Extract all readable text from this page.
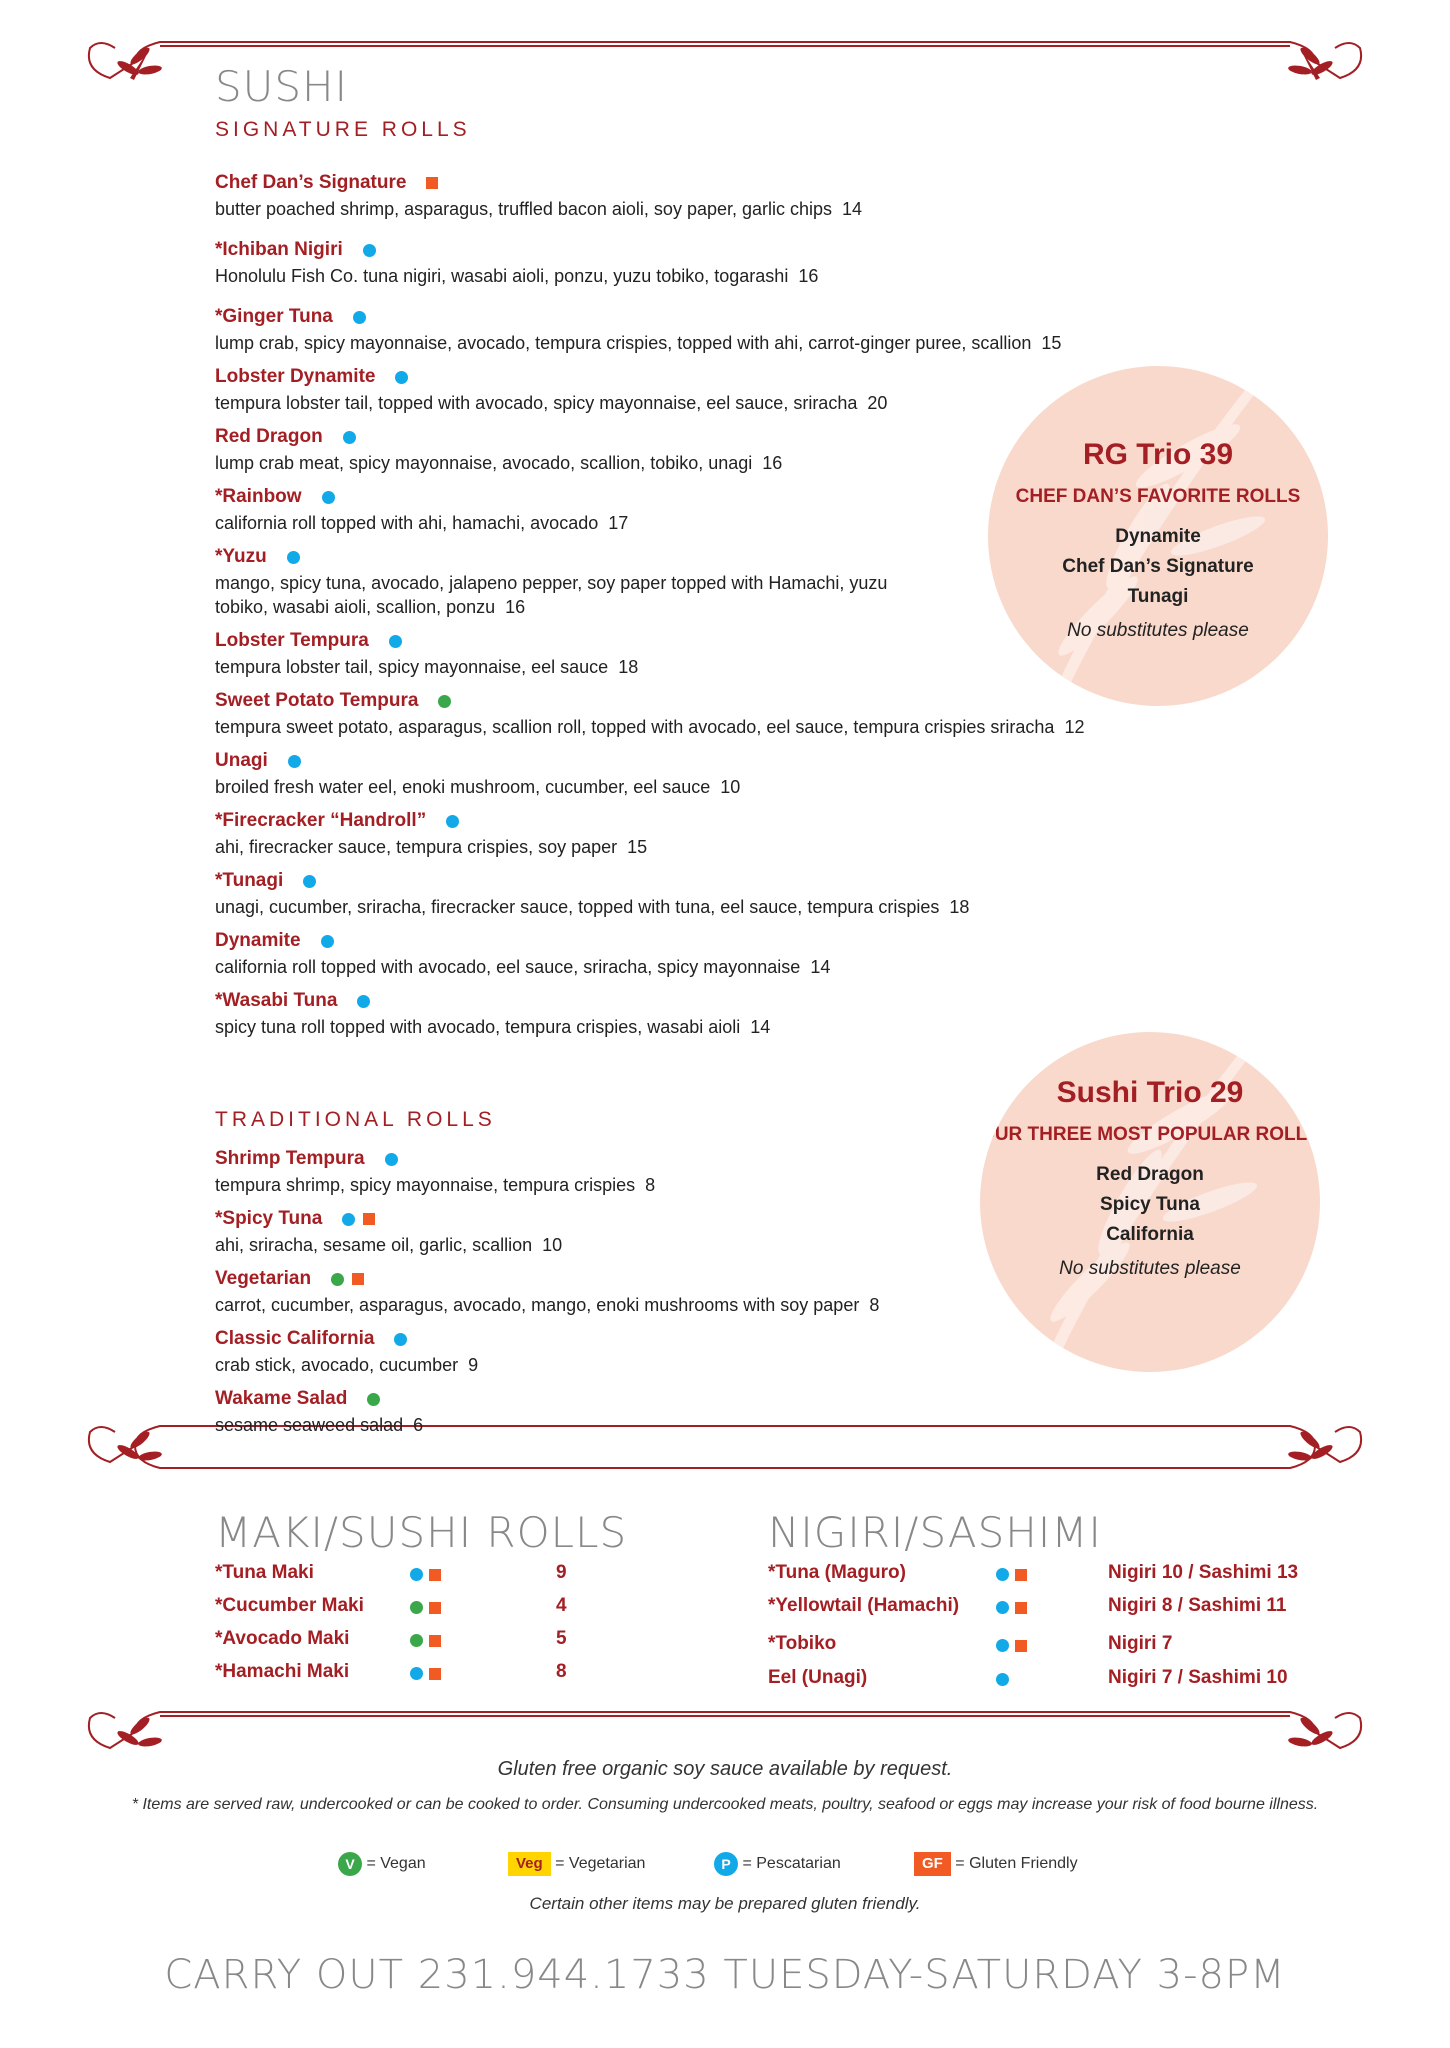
SUSHI
SIGNATURE ROLLS
Chef Dan’s Signature
butter poached shrimp, asparagus, truffled bacon aioli, soy paper, garlic chips 14
*Ichiban Nigiri
Honolulu Fish Co. tuna nigiri, wasabi aioli, ponzu, yuzu tobiko, togarashi 16
*Ginger Tuna
lump crab, spicy mayonnaise, avocado, tempura crispies, topped with ahi, carrot-ginger puree, scallion 15
Lobster Dynamite
tempura lobster tail, topped with avocado, spicy mayonnaise, eel sauce, sriracha 20
Red Dragon
lump crab meat, spicy mayonnaise, avocado, scallion, tobiko, unagi 16
*Rainbow
california roll topped with ahi, hamachi, avocado 17
*Yuzu
mango, spicy tuna, avocado, jalapeno pepper, soy paper topped with Hamachi, yuzu
tobiko, wasabi aioli, scallion, ponzu 16
Lobster Tempura
tempura lobster tail, spicy mayonnaise, eel sauce 18
Sweet Potato Tempura
tempura sweet potato, asparagus, scallion roll, topped with avocado, eel sauce, tempura crispies sriracha 12
Unagi
broiled fresh water eel, enoki mushroom, cucumber, eel sauce 10
*Firecracker “Handroll”
ahi, firecracker sauce, tempura crispies, soy paper 15
*Tunagi
unagi, cucumber, sriracha, firecracker sauce, topped with tuna, eel sauce, tempura crispies 18
Dynamite
california roll topped with avocado, eel sauce, sriracha, spicy mayonnaise 14
*Wasabi Tuna
spicy tuna roll topped with avocado, tempura crispies, wasabi aioli 14
TRADITIONAL ROLLS
Shrimp Tempura
tempura shrimp, spicy mayonnaise, tempura crispies 8
*Spicy Tuna
ahi, sriracha, sesame oil, garlic, scallion 10
Vegetarian
carrot, cucumber, asparagus, avocado, mango, enoki mushrooms with soy paper 8
Classic California
crab stick, avocado, cucumber 9
Wakame Salad
sesame seaweed salad 6
RG Trio 39
CHEF DAN’S FAVORITE ROLLS
Dynamite
Chef Dan’s Signature
Tunagi
No substitutes please
Sushi Trio 29
OUR THREE MOST POPULAR ROLLS
Red Dragon
Spicy Tuna
California
No substitutes please
MAKI/SUSHI ROLLS	NIGIRI/SASHIMI
*Tuna Maki	9
*Cucumber Maki	4
*Avocado Maki	5
*Hamachi Maki	8
*Tuna (Maguro)	Nigiri 10 / Sashimi 13
*Yellowtail (Hamachi)	Nigiri 8 / Sashimi 11
*Tobiko	Nigiri 7
Eel (Unagi)	Nigiri 7 / Sashimi 10
Gluten free organic soy sauce available by request.
* Items are served raw, undercooked or can be cooked to order. Consuming undercooked meats, poultry, seafood or eggs may increase your risk of food bourne illness.
V = Vegan	Veg = Vegetarian	P = Pescatarian	GF = Gluten Friendly
Certain other items may be prepared gluten friendly.
CARRY OUT 231.944.1733 TUESDAY-SATURDAY 3-8PM
